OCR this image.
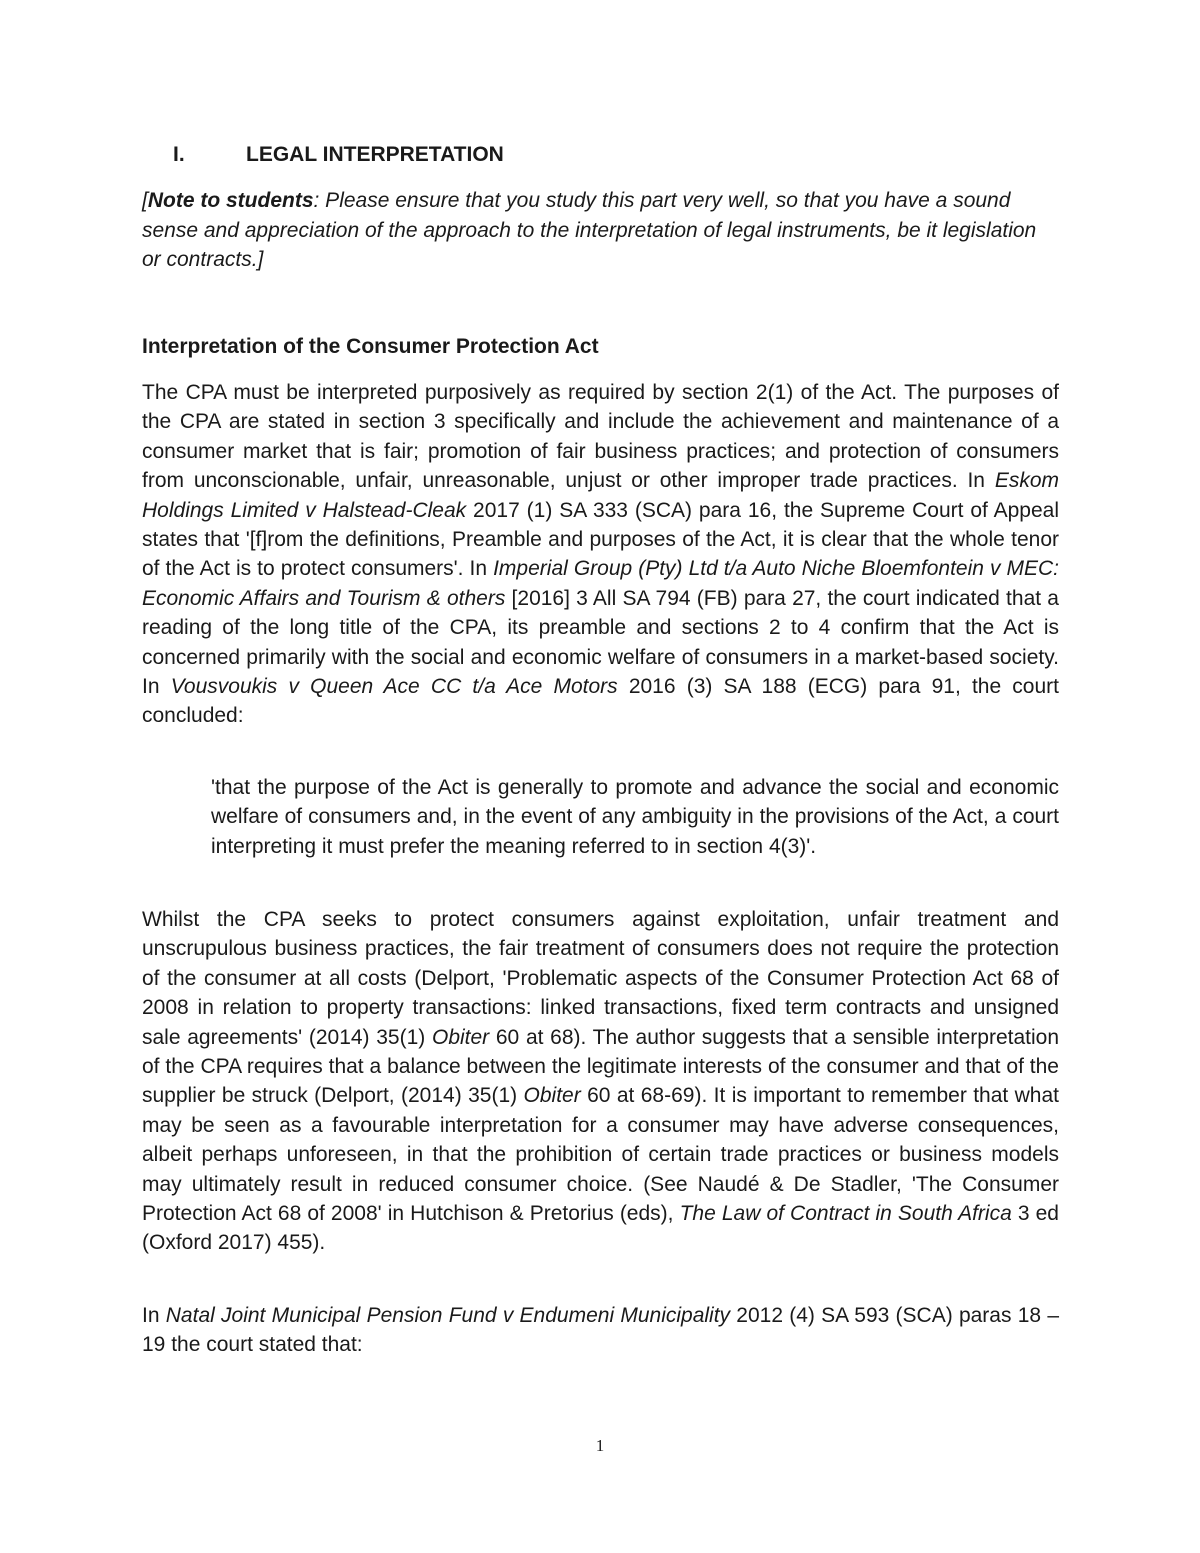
I.	LEGAL INTERPRETATION
[Note to students: Please ensure that you study this part very well, so that you have a sound sense and appreciation of the approach to the interpretation of legal instruments, be it legislation or contracts.]
Interpretation of the Consumer Protection Act

The CPA must be interpreted purposively as required by section 2(1) of the Act. The purposes of the CPA are stated in section 3 specifically and include the achievement and maintenance of a consumer market that is fair; promotion of fair business practices; and protection of consumers from unconscionable, unfair, unreasonable, unjust or other improper trade practices. In Eskom Holdings Limited v Halstead-Cleak 2017 (1) SA 333 (SCA) para 16, the Supreme Court of Appeal states that '[f]rom the definitions, Preamble and purposes of the Act, it is clear that the whole tenor of the Act is to protect consumers'. In Imperial Group (Pty) Ltd t/a Auto Niche Bloemfontein v MEC: Economic Affairs and Tourism & others [2016] 3 All SA 794 (FB) para 27, the court indicated that a reading of the long title of the CPA, its preamble and sections 2 to 4 confirm that the Act is concerned primarily with the social and economic welfare of consumers in a market-based society. In Vousvoukis v Queen Ace CC t/a Ace Motors 2016 (3) SA 188 (ECG) para 91, the court concluded:

'that the purpose of the Act is generally to promote and advance the social and economic welfare of consumers and, in the event of any ambiguity in the provisions of the Act, a court interpreting it must prefer the meaning referred to in section 4(3)'.

Whilst the CPA seeks to protect consumers against exploitation, unfair treatment and unscrupulous business practices, the fair treatment of consumers does not require the protection of the consumer at all costs (Delport, 'Problematic aspects of the Consumer Protection Act 68 of 2008 in relation to property transactions: linked transactions, fixed term contracts and unsigned sale agreements' (2014) 35(1) Obiter 60 at 68). The author suggests that a sensible interpretation of the CPA requires that a balance between the legitimate interests of the consumer and that of the supplier be struck (Delport, (2014) 35(1) Obiter 60 at 68-69). It is important to remember that what may be seen as a favourable interpretation for a consumer may have adverse consequences, albeit perhaps unforeseen, in that the prohibition of certain trade practices or business models may ultimately result in reduced consumer choice. (See Naudé & De Stadler, 'The Consumer Protection Act 68 of 2008' in Hutchison & Pretorius (eds), The Law of Contract in South Africa 3 ed (Oxford 2017) 455).

In Natal Joint Municipal Pension Fund v Endumeni Municipality 2012 (4) SA 593 (SCA) paras 18 – 19 the court stated that:

1
